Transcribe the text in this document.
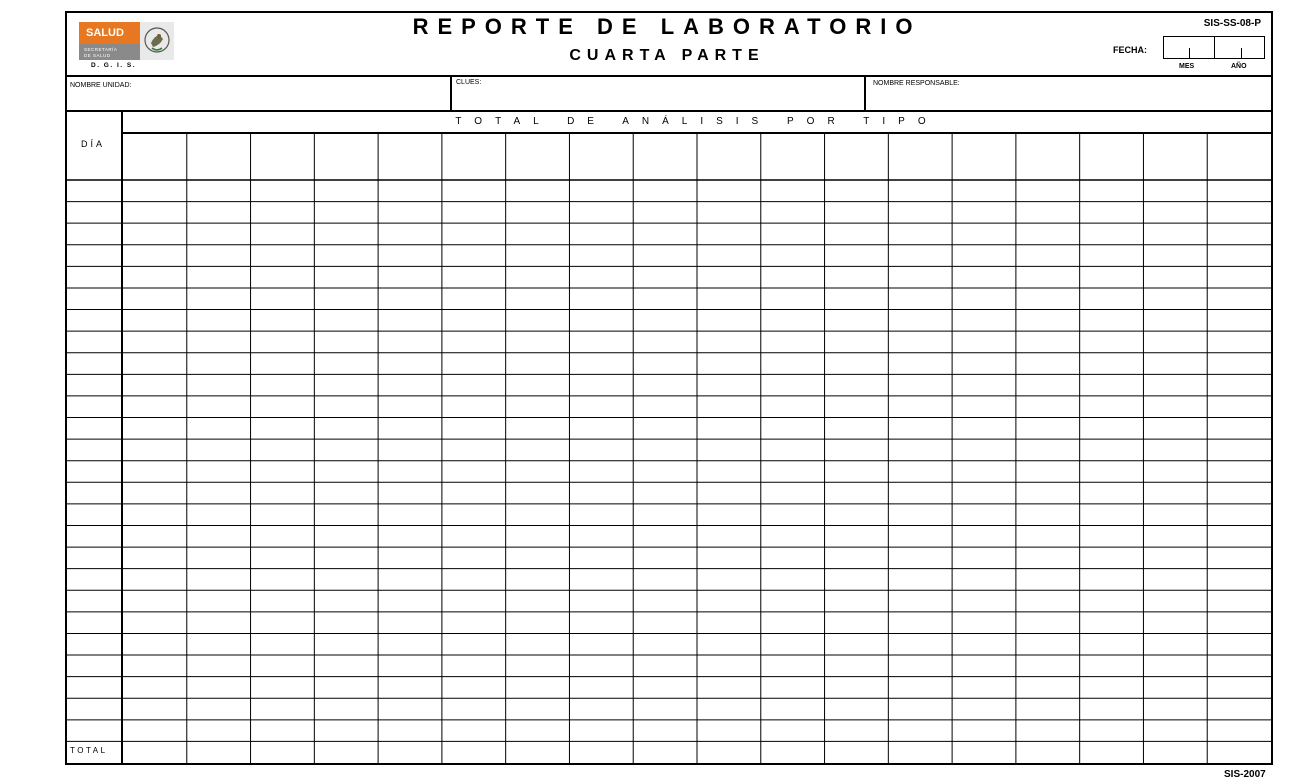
SALUD
SECRETARÍA
DE SALUD
D. G. I. S.
REPORTE DE LABORATORIO
CUARTA PARTE
SIS-SS-08-P
FECHA:
MES	AÑO
NOMBRE UNIDAD:	CLUES:	NOMBRE RESPONSABLE:
DÍA
TOTAL
TOTAL DE ANÁLISIS POR TIPO
SIS-2007
